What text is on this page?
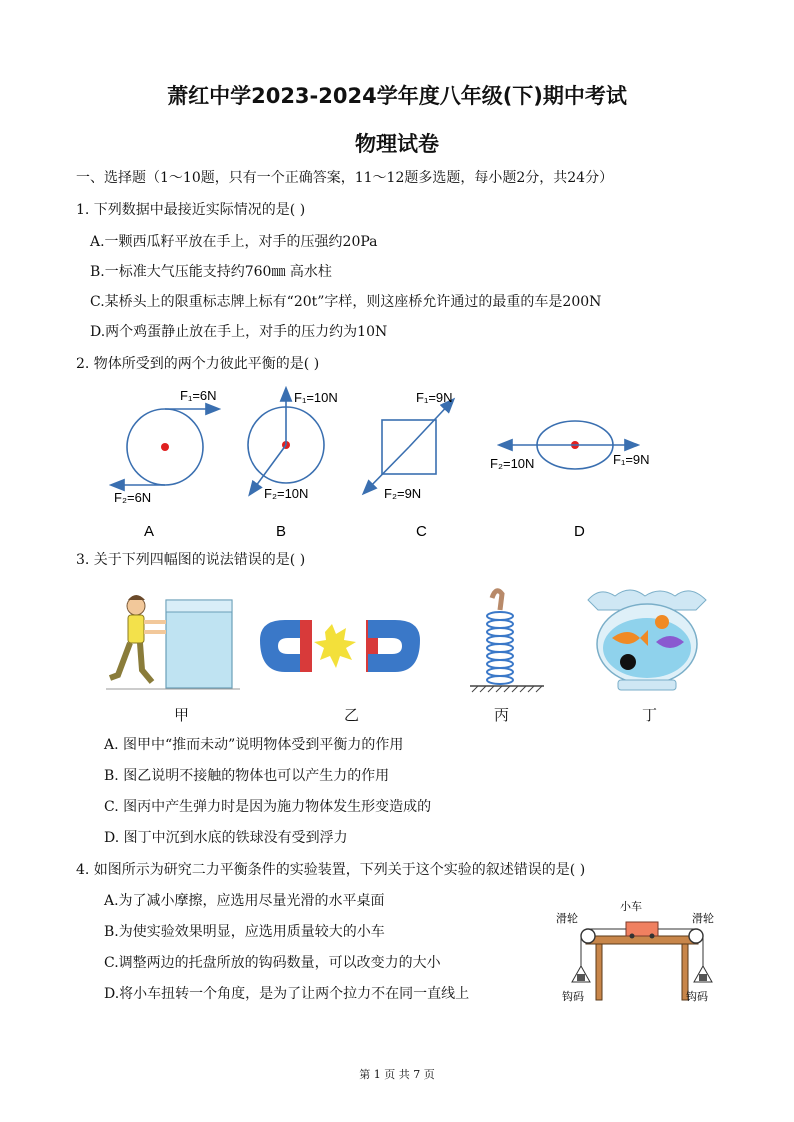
萧红中学2023-2024学年度八年级(下)期中考试
物理试卷
一、选择题（1～10题，只有一个正确答案，11～12题多选题，每小题2分，共24分）
1. 下列数据中最接近实际情况的是( )
A.一颗西瓜籽平放在手上，对手的压强约20Pa
B.一标准大气压能支持约760㎜ 高水柱
C.某桥头上的限重标志牌上标有“20t”字样，则这座桥允许通过的最重的车是200N
D.两个鸡蛋静止放在手上，对手的压力约为10N
2. 物体所受到的两个力彼此平衡的是( )
F₁=6N
F₂=6N
A
F₁=10N
F₂=10N
B
F₁=9N
F₂=9N
C
F₁=9N
F₂=10N
D
3. 关于下列四幅图的说法错误的是( )
甲	乙	丙	丁
A. 图甲中“推而未动”说明物体受到平衡力的作用
B. 图乙说明不接触的物体也可以产生力的作用
C. 图丙中产生弹力时是因为施力物体发生形变造成的
D. 图丁中沉到水底的铁球没有受到浮力
4. 如图所示为研究二力平衡条件的实验装置，下列关于这个实验的叙述错误的是( )
A.为了减小摩擦，应选用尽量光滑的水平桌面
B.为使实验效果明显，应选用质量较大的小车
C.调整两边的托盘所放的钩码数量，可以改变力的大小
D.将小车扭转一个角度，是为了让两个拉力不在同一直线上
小车
滑轮	滑轮
钩码	钩码
第 1 页 共 7 页
